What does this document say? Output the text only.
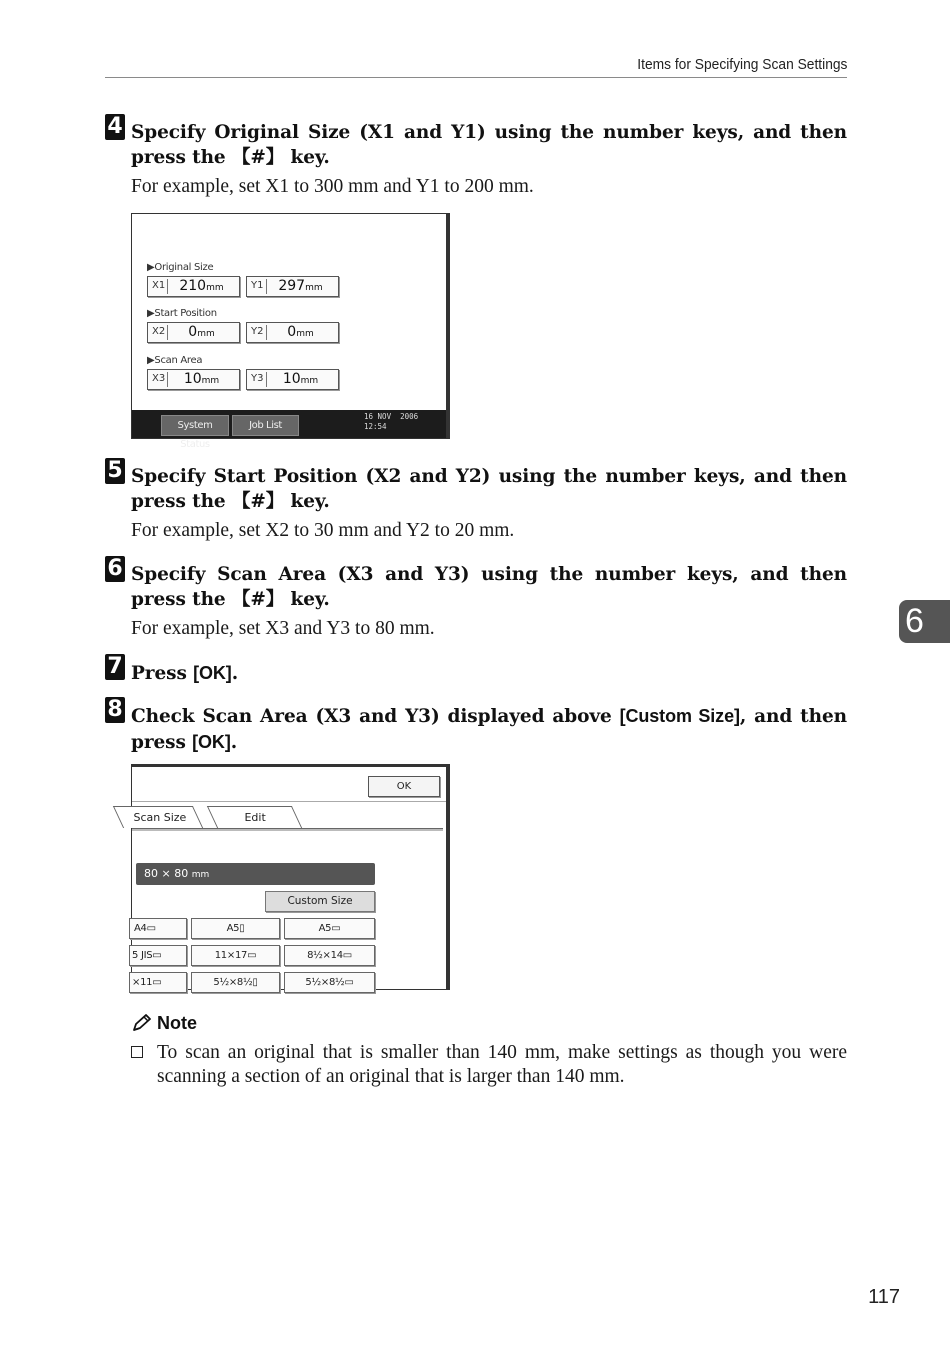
Items for Specifying Scan Settings
6
4 Specify Original Size (X1 and Y1) using the number keys, and then press the 【#】 key.
For example, set X1 to 300 mm and Y1 to 200 mm.
▶Original Size
X1	210mm	Y1	297mm
▶Start Position
X2	0mm	Y2	0mm
▶Scan Area
X3	10mm	Y3	10mm
System Status
Job List
16 NOV  2006
12:54
5 Specify Start Position (X2 and Y2) using the number keys, and then press the 【#】 key.
For example, set X2 to 30 mm and Y2 to 20 mm.
6 Specify Scan Area (X3 and Y3) using the number keys, and then press the 【#】 key.
For example, set X3 and Y3 to 80 mm.
7 Press [OK].
8 Check Scan Area (X3 and Y3) displayed above [Custom Size], and then press [OK].
OK
Scan Size	Edit
80 × 80 mm
Custom Size
A4▭	A5▯	A5▭
5 JIS▭	11×17▭	8½×14▭
×11▭	5½×8½▯	5½×8½▭
Note
To scan an original that is smaller than 140 mm, make settings as though you were scanning a section of an original that is larger than 140 mm.
117
